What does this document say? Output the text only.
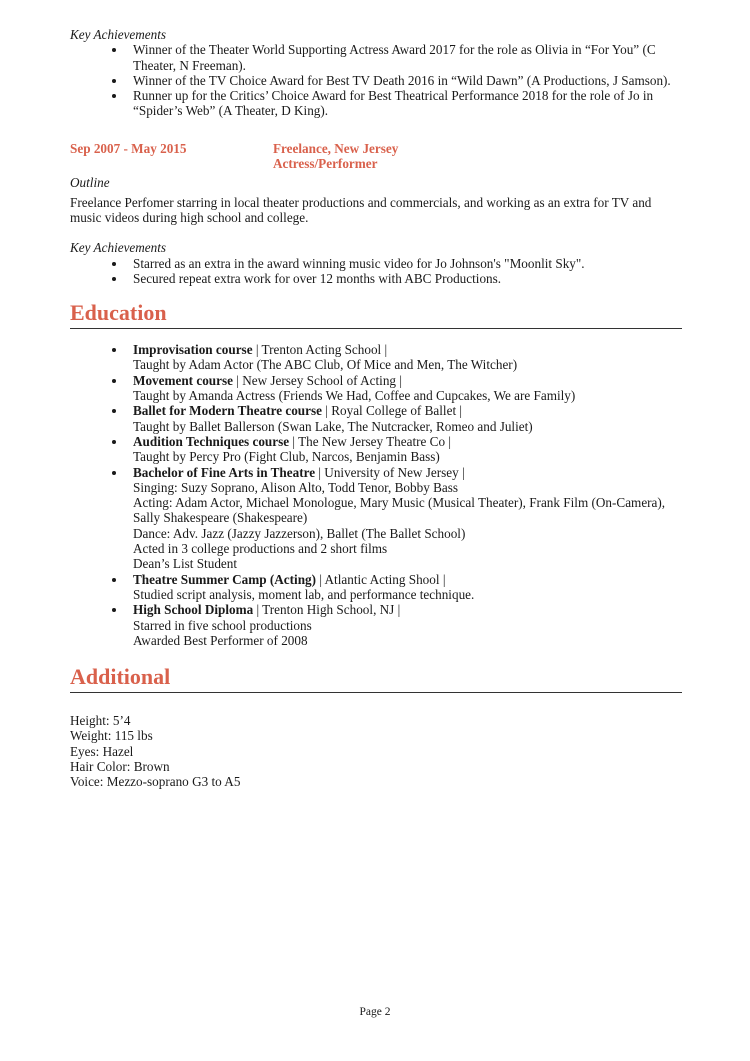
Key Achievements

Winner of the Theater World Supporting Actress Award 2017 for the role as Olivia in “For You” (C Theater, N Freeman).
Winner of the TV Choice Award for Best TV Death 2016 in “Wild Dawn” (A Productions, J Samson).
Runner up for the Critics’ Choice Award for Best Theatrical Performance 2018 for the role of Jo in “Spider’s Web” (A Theater, D King).
Sep 2007 - May 2015	Freelance, New Jersey
Actress/Performer
Outline
Freelance Perfomer starring in local theater productions and commercials, and working as an extra for TV and music videos during high school and college.

Key Achievements

Starred as an extra in the award winning music video for Jo Johnson's "Moonlit Sky".
Secured repeat extra work for over 12 months with ABC Productions.
Education
Improvisation course | Trenton Acting School |
Taught by Adam Actor (The ABC Club, Of Mice and Men, The Witcher)
Movement course | New Jersey School of Acting |
Taught by Amanda Actress (Friends We Had, Coffee and Cupcakes, We are Family)
Ballet for Modern Theatre course | Royal College of Ballet |
Taught by Ballet Ballerson (Swan Lake, The Nutcracker, Romeo and Juliet)
Audition Techniques course | The New Jersey Theatre Co |
Taught by Percy Pro (Fight Club, Narcos, Benjamin Bass)
Bachelor of Fine Arts in Theatre | University of New Jersey |
Singing: Suzy Soprano, Alison Alto, Todd Tenor, Bobby Bass
Acting: Adam Actor, Michael Monologue, Mary Music (Musical Theater), Frank Film (On-Camera), Sally Shakespeare (Shakespeare)
Dance: Adv. Jazz (Jazzy Jazzerson), Ballet (The Ballet School)
Acted in 3 college productions and 2 short films
Dean’s List Student
Theatre Summer Camp (Acting) | Atlantic Acting Shool |
Studied script analysis, moment lab, and performance technique.
High School Diploma | Trenton High School, NJ |
Starred in five school productions
Awarded Best Performer of 2008
Additional
Height: 5’4
Weight: 115 lbs
Eyes: Hazel
Hair Color: Brown
Voice: Mezzo-soprano G3 to A5
Page 2
